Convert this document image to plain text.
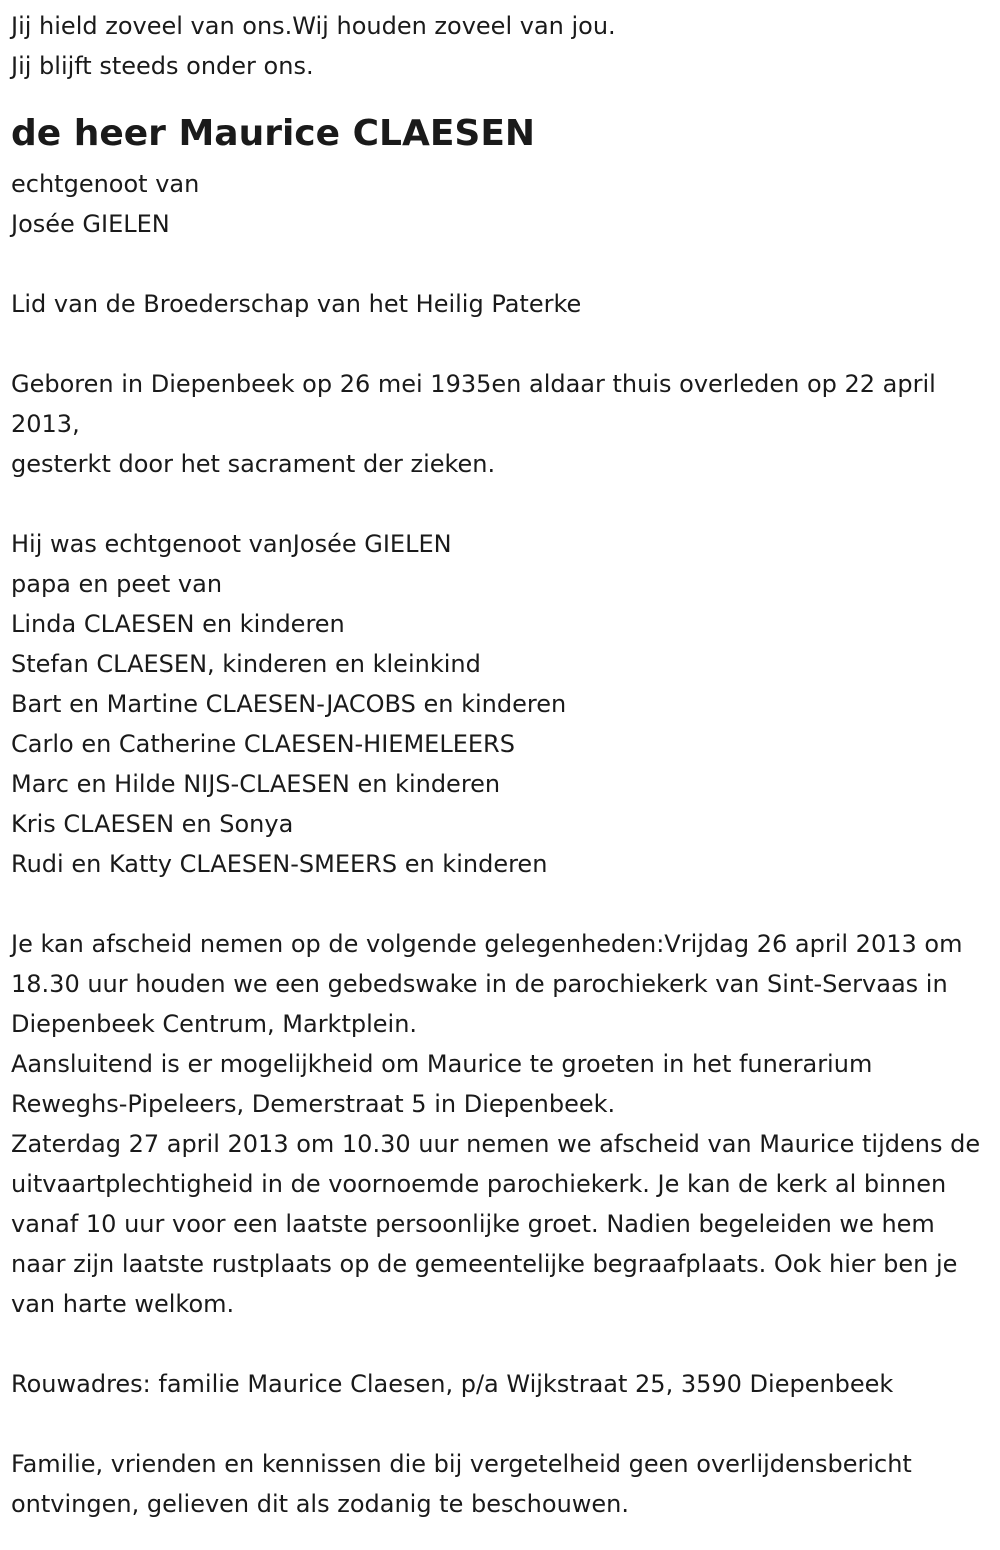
Jij hield zoveel van ons.Wij houden zoveel van jou.

Jij blijft steeds onder ons.

de heer Maurice CLAESEN

echtgenoot van

Josée GIELEN

Lid van de Broederschap van het Heilig Paterke

Geboren in Diepenbeek op 26 mei 1935en aldaar thuis overleden op 22 april 2013,

gesterkt door het sacrament der zieken.

Hij was echtgenoot vanJosée GIELEN

papa en peet van

Linda CLAESEN en kinderen

Stefan CLAESEN, kinderen en kleinkind

Bart en Martine CLAESEN-JACOBS en kinderen

Carlo en Catherine CLAESEN-HIEMELEERS

Marc en Hilde NIJS-CLAESEN en kinderen

Kris CLAESEN en Sonya

Rudi en Katty CLAESEN-SMEERS en kinderen

Je kan afscheid nemen op de volgende gelegenheden:Vrijdag 26 april 2013 om 18.30 uur houden we een gebedswake in de parochiekerk van Sint-Servaas in Diepenbeek Centrum, Marktplein.

Aansluitend is er mogelijkheid om Maurice te groeten in het funerarium Reweghs-Pipeleers, Demerstraat 5 in Diepenbeek.

Zaterdag 27 april 2013 om 10.30 uur nemen we afscheid van Maurice tijdens de uitvaartplechtigheid in de voornoemde parochiekerk. Je kan de kerk al binnen vanaf 10 uur voor een laatste persoonlijke groet. Nadien begeleiden we hem naar zijn laatste rustplaats op de gemeentelijke begraafplaats. Ook hier ben je van harte welkom.

Rouwadres: familie Maurice Claesen, p/a Wijkstraat 25, 3590 Diepenbeek

Familie, vrienden en kennissen die bij vergetelheid geen overlijdensbericht ontvingen, gelieven dit als zodanig te beschouwen.
